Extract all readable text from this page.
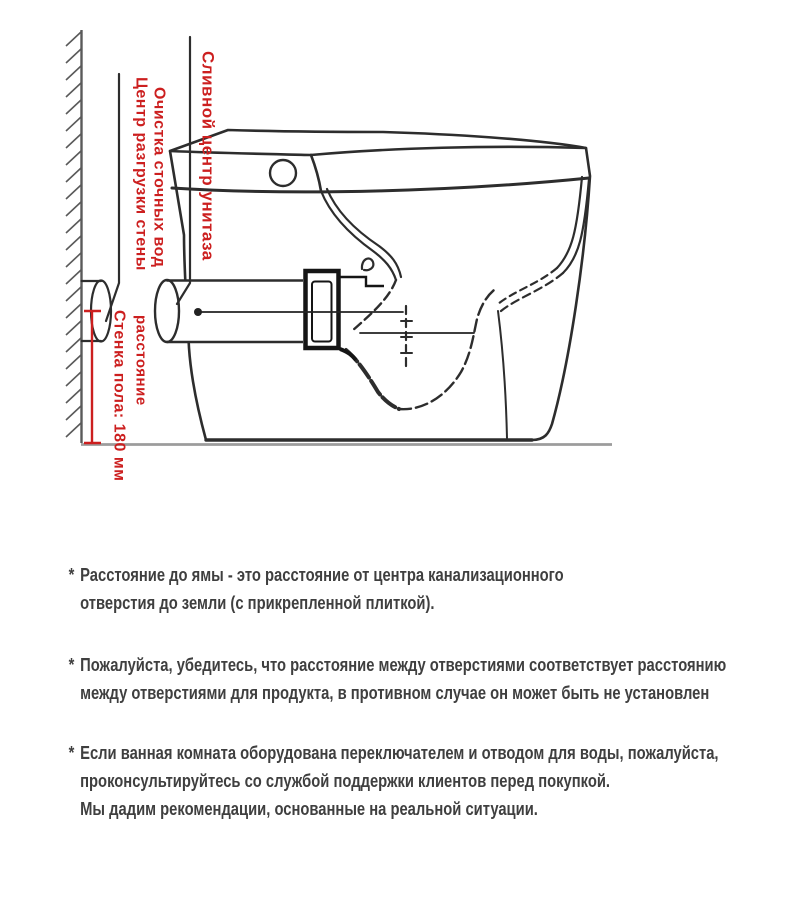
Сливной центр унитаза
Центр разгрузки стены Очистка сточных вод
расстояние
Стенка пола: 180 мм
* Расстояние до ямы - это расстояние от центра канализационного
отверстия до земли (с прикрепленной плиткой).
* Пожалуйста, убедитесь, что расстояние между отверстиями соответствует расстоянию
между отверстиями для продукта, в противном случае он может быть не установлен
* Если ванная комната оборудована переключателем и отводом для воды, пожалуйста,
проконсультируйтесь со службой поддержки клиентов перед покупкой.
Мы дадим рекомендации, основанные на реальной ситуации.
